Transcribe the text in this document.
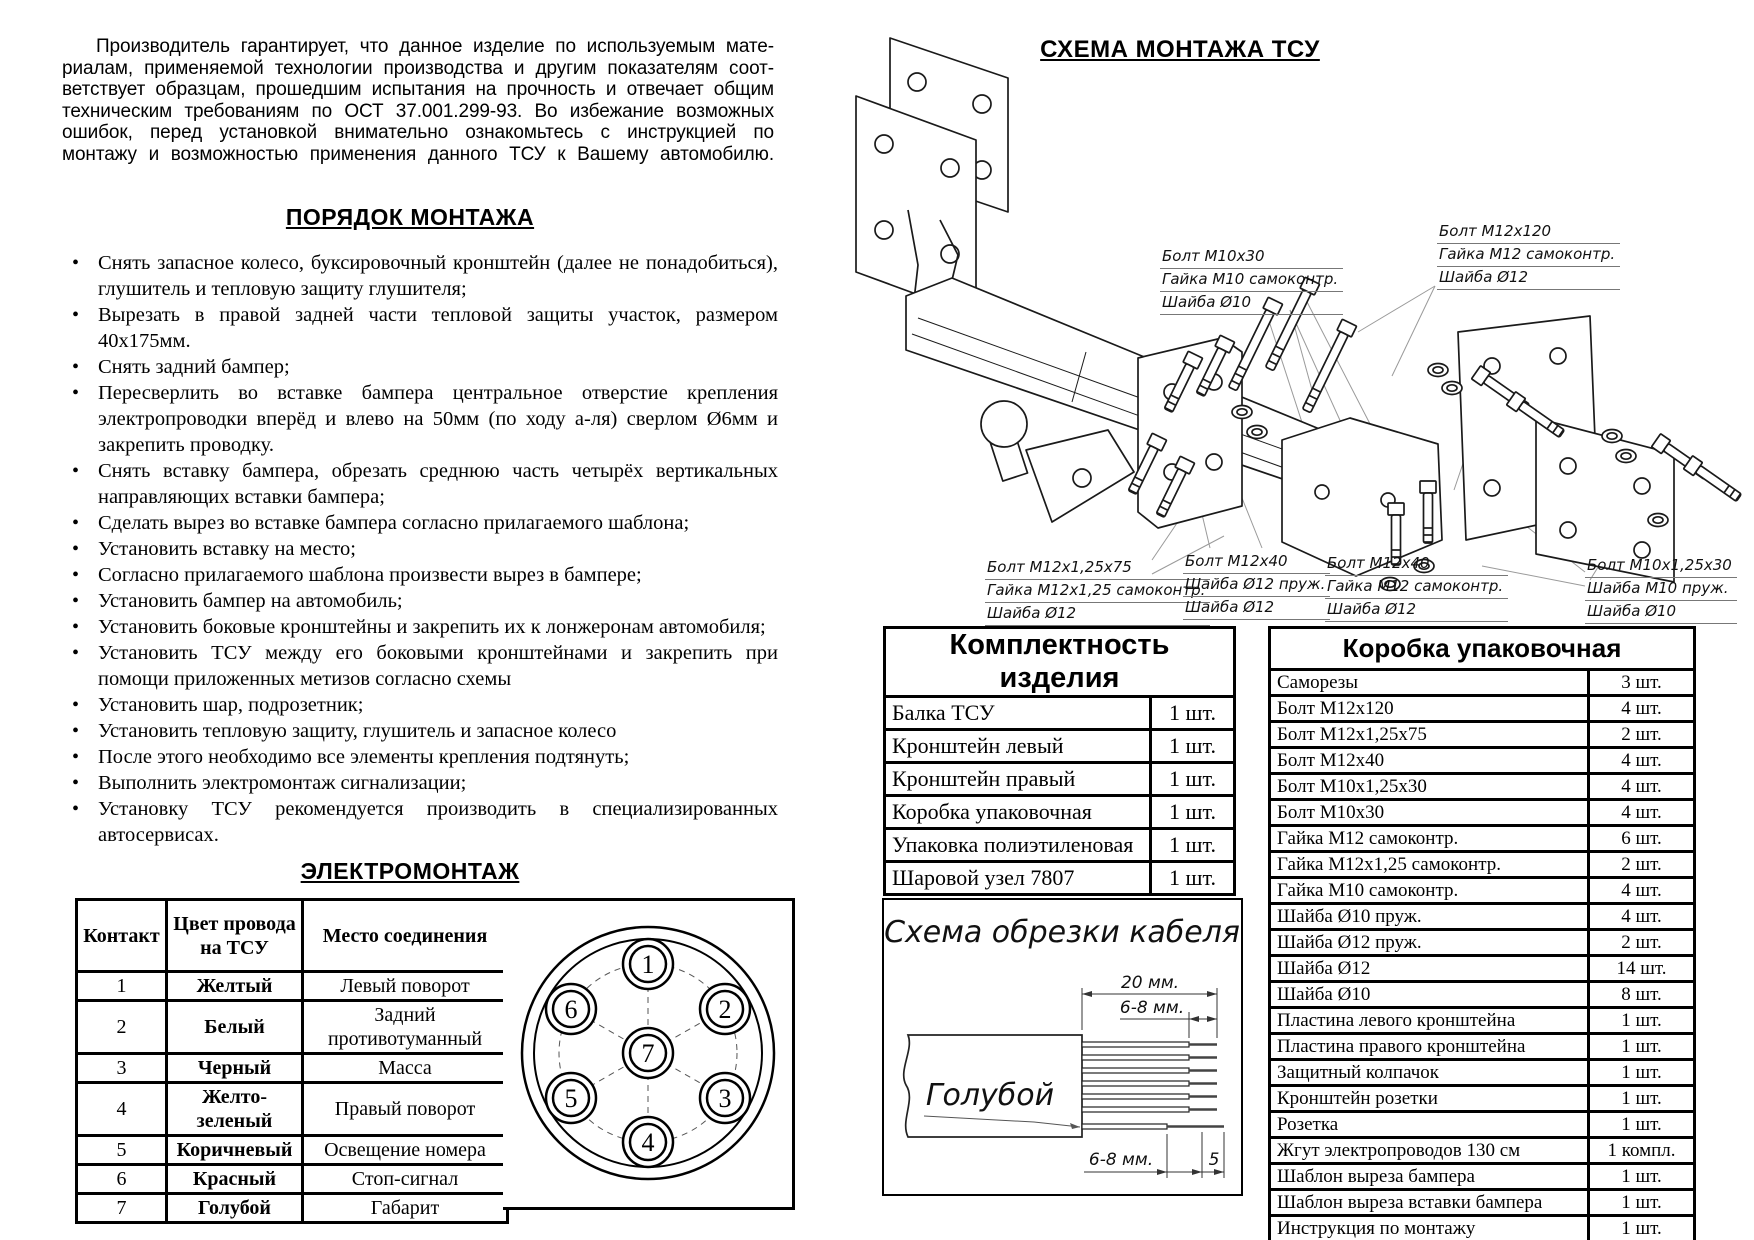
Производитель гарантирует, что данное изделие по используемым мате-
риалам, применяемой технологии производства и другим показателям соот-
ветствует образцам, прошедшим испытания на прочность и отвечает общим
техническим требованиям по ОСТ 37.001.299-93. Во избежание возможных
ошибок, перед установкой внимательно ознакомьтесь с инструкцией по
монтажу и возможностью применения данного ТСУ к Вашему автомобилю.
ПОРЯДОК МОНТАЖА
• Снять запасное колесо, буксировочный кронштейн (далее не понадобиться), глушитель и тепловую защиту глушителя;
• Вырезать в правой задней части тепловой защиты участок, размером 40х175мм.
• Снять задний бампер;
• Пересверлить во вставке бампера центральное отверстие крепления электропроводки вперёд и влево на 50мм (по ходу а-ля) сверлом Ø6мм и закрепить проводку.
• Снять вставку бампера, обрезать среднюю часть четырёх вертикальных направляющих вставки бампера;
• Сделать вырез во вставке бампера согласно прилагаемого шаблона;
• Установить вставку на место;
• Согласно прилагаемого шаблона произвести вырез в бампере;
• Установить бампер на автомобиль;
• Установить боковые кронштейны и закрепить их к лонжеронам автомобиля;
• Установить ТСУ между его боковыми кронштейнами и закрепить при помощи приложенных метизов согласно схемы
• Установить шар, подрозетник;
• Установить тепловую защиту, глушитель и запасное колесо
• После этого необходимо все элементы крепления подтянуть;
• Выполнить электромонтаж сигнализации;
• Установку ТСУ рекомендуется производить в специализированных автосервисах.
ЭЛЕКТРОМОНТАЖ
Контакт	Цвет провода на ТСУ	Место соединения
1	Желтый	Левый поворот
2	Белый	Задний противотуманный
3	Черный	Масса
4	Желто-зеленый	Правый поворот
5	Коричневый	Освещение номера
6	Красный	Стоп-сигнал
7	Голубой	Габарит
1
2
3
4
5
6
7
СХЕМА МОНТАЖА ТСУ
Болт М10х30
Гайка М10 самоконтр.
Шайба Ø10
Болт М12х120
Гайка М12 самоконтр.
Шайба Ø12
Болт М12х1,25х75
Гайка М12х1,25 самоконтр.
Шайба Ø12
Болт М12х40
Шайба Ø12 пруж.
Шайба Ø12
Болт М12х40
Гайка М12 самоконтр.
Шайба Ø12
Болт М10х1,25х30
Шайба М10 пруж.
Шайба Ø10
Комплектность изделия	
Балка ТСУ	1 шт.
Кронштейн левый	1 шт.
Кронштейн правый	1 шт.
Коробка упаковочная	1 шт.
Упаковка полиэтиленовая	1 шт.
Шаровой узел 7807	1 шт.
Коробка упаковочная	
Саморезы	3 шт.
Болт М12х120	4 шт.
Болт М12х1,25х75	2 шт.
Болт М12х40	4 шт.
Болт М10х1,25х30	4 шт.
Болт М10х30	4 шт.
Гайка М12 самоконтр.	6 шт.
Гайка М12х1,25 самоконтр.	2 шт.
Гайка М10 самоконтр.	4 шт.
Шайба Ø10 пруж.	4 шт.
Шайба Ø12 пруж.	2 шт.
Шайба Ø12	14 шт.
Шайба Ø10	8 шт.
Пластина левого кронштейна	1 шт.
Пластина правого кронштейна	1 шт.
Защитный колпачок	1 шт.
Кронштейн розетки	1 шт.
Розетка	1 шт.
Жгут электропроводов 130 см	1 компл.
Шаблон выреза бампера	1 шт.
Шаблон выреза вставки бампера	1 шт.
Инструкция по монтажу	1 шт.
Схема обрезки кабеля
Голубой
20 мм.
6-8 мм.
6-8 мм.	5
